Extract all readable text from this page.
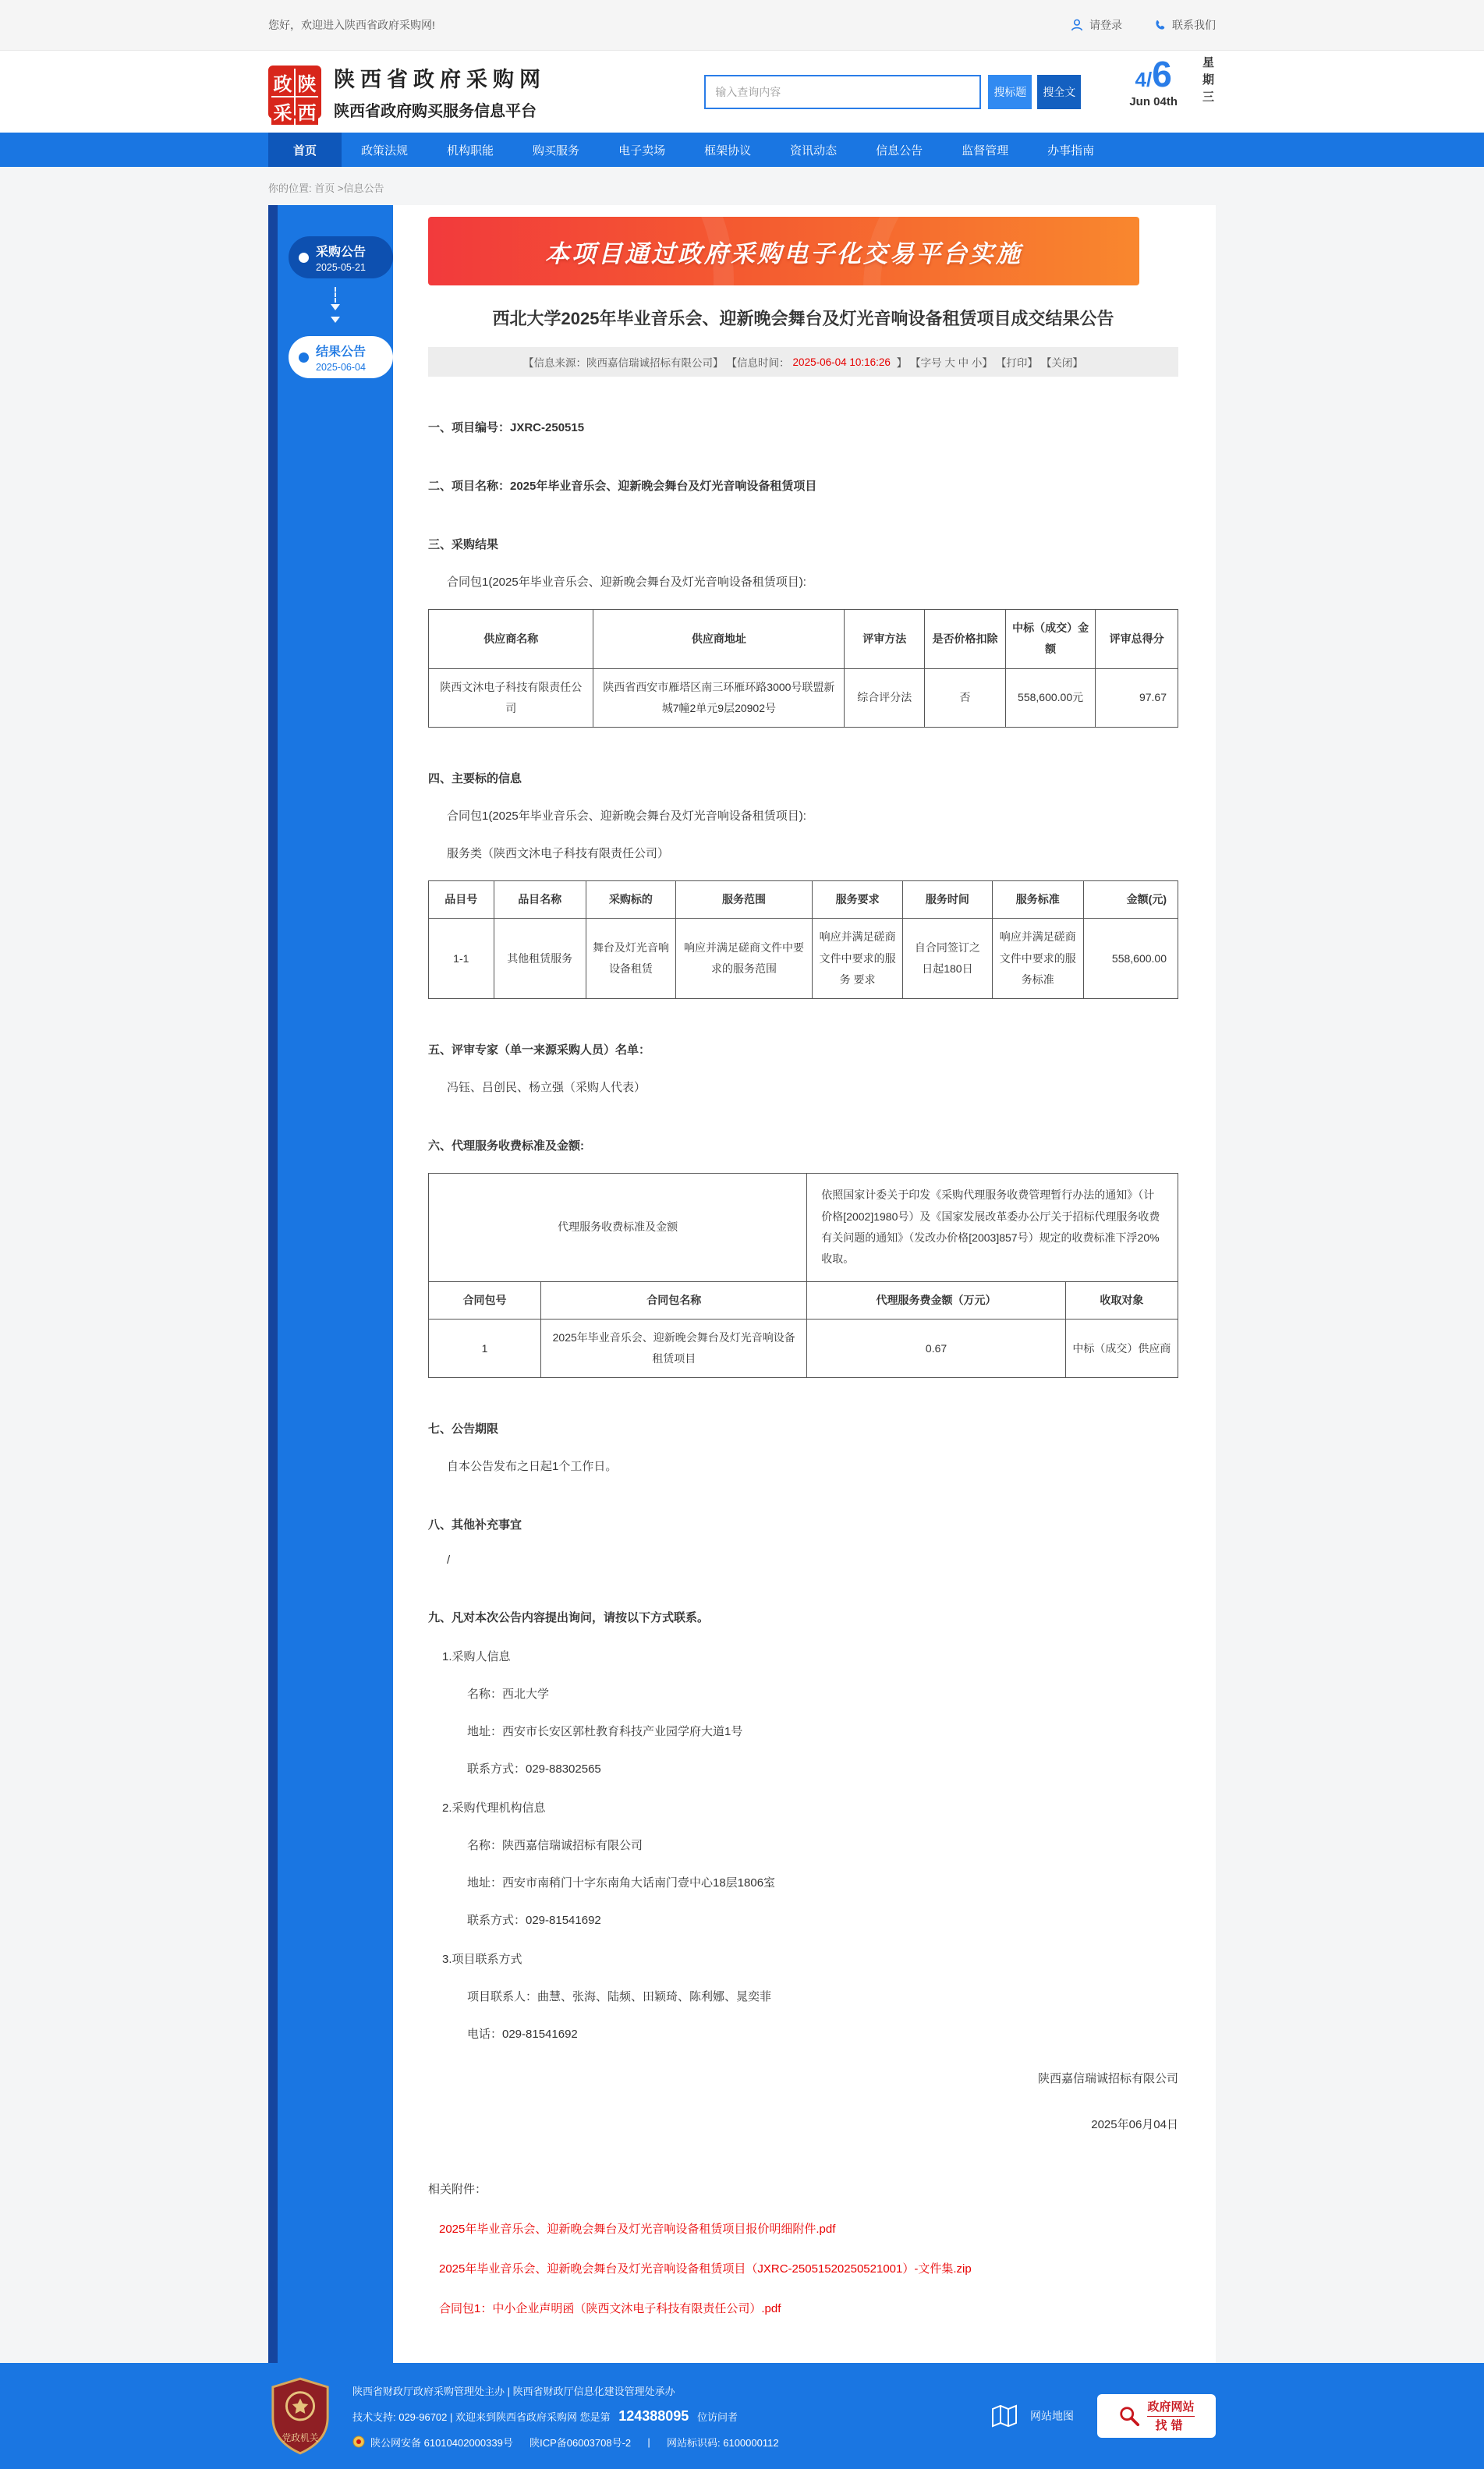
您好，欢迎进入陕西省政府采购网!	请登录	联系我们
政 陕
采 西
陕西省政府采购网
陕西省政府购买服务信息平台
输入查询内容
搜标题	搜全文
4/6
Jun 04th 星期三
首页	政策法规	机构职能	购买服务	电子卖场	框架协议	资讯动态	信息公告	监督管理	办事指南
你的位置: 首页 >信息公告
采购公告
2025-05-21
结果公告
2025-06-04
本项目通过政府采购电子化交易平台实施
西北大学2025年毕业音乐会、迎新晚会舞台及灯光音响设备租赁项目成交结果公告
【信息来源：陕西嘉信瑞诚招标有限公司】 【信息时间： 2025-06-04 10:16:26 】 【字号 大 中 小】 【打印】 【关闭】
一、项目编号：JXRC-250515
二、项目名称：2025年毕业音乐会、迎新晚会舞台及灯光音响设备租赁项目
三、采购结果
合同包1(2025年毕业音乐会、迎新晚会舞台及灯光音响设备租赁项目):
供应商名称	供应商地址	评审方法	是否价格扣除	中标（成交）金额	评审总得分
陕西文沐电子科技有限责任公司	陕西省西安市雁塔区南三环雁环路3000号联盟新城7幢2单元9层20902号	综合评分法	否	558,600.00元	97.67
四、主要标的信息
合同包1(2025年毕业音乐会、迎新晚会舞台及灯光音响设备租赁项目):
服务类（陕西文沐电子科技有限责任公司）
品目号	品目名称	采购标的	服务范围	服务要求	服务时间	服务标准	金额(元)
1-1	其他租赁服务	舞台及灯光音响设备租赁	响应并满足磋商文件中要求的服务范围	响应并满足磋商文件中要求的服务 要求	自合同签订之日起180日	响应并满足磋商文件中要求的服务标准	558,600.00
五、评审专家（单一来源采购人员）名单：
冯钰、吕创民、杨立强（采购人代表）
六、代理服务收费标准及金额:
代理服务收费标准及金额		依照国家计委关于印发《采购代理服务收费管理暂行办法的通知》（计价格[2002]1980号）及《国家发展改革委办公厅关于招标代理服务收费有关问题的通知》（发改办价格[2003]857号）规定的收费标准下浮20%收取。	
合同包号	合同包名称	代理服务费金额（万元）	收取对象
1	2025年毕业音乐会、迎新晚会舞台及灯光音响设备租赁项目	0.67	中标（成交）供应商
七、公告期限
自本公告发布之日起1个工作日。
八、其他补充事宜
/
九、凡对本次公告内容提出询问，请按以下方式联系。
1.采购人信息
名称：西北大学
地址：西安市长安区郭杜教育科技产业园学府大道1号
联系方式：029-88302565
2.采购代理机构信息
名称：陕西嘉信瑞诚招标有限公司
地址：西安市南稍门十字东南角大话南门壹中心18层1806室
联系方式：029-81541692
3.项目联系方式
项目联系人：曲慧、张海、陆频、田颖琦、陈利娜、晁奕菲
电话：029-81541692
陕西嘉信瑞诚招标有限公司
2025年06月04日
相关附件：
2025年毕业音乐会、迎新晚会舞台及灯光音响设备租赁项目报价明细附件.pdf
2025年毕业音乐会、迎新晚会舞台及灯光音响设备租赁项目（JXRC-25051520250521001）-文件集.zip
合同包1：中小企业声明函（陕西文沐电子科技有限责任公司）.pdf
党政机关
陕西省财政厅政府采购管理处主办 | 陕西省财政厅信息化建设管理处承办
技术支持: 029-96702 | 欢迎来到陕西省政府采购网 您是第 124388095 位访问者
陕公网安备 61010402000339号
陕ICP备06003708号-2
|
网站标识码: 6100000112
网站地图
政府网站
找错
